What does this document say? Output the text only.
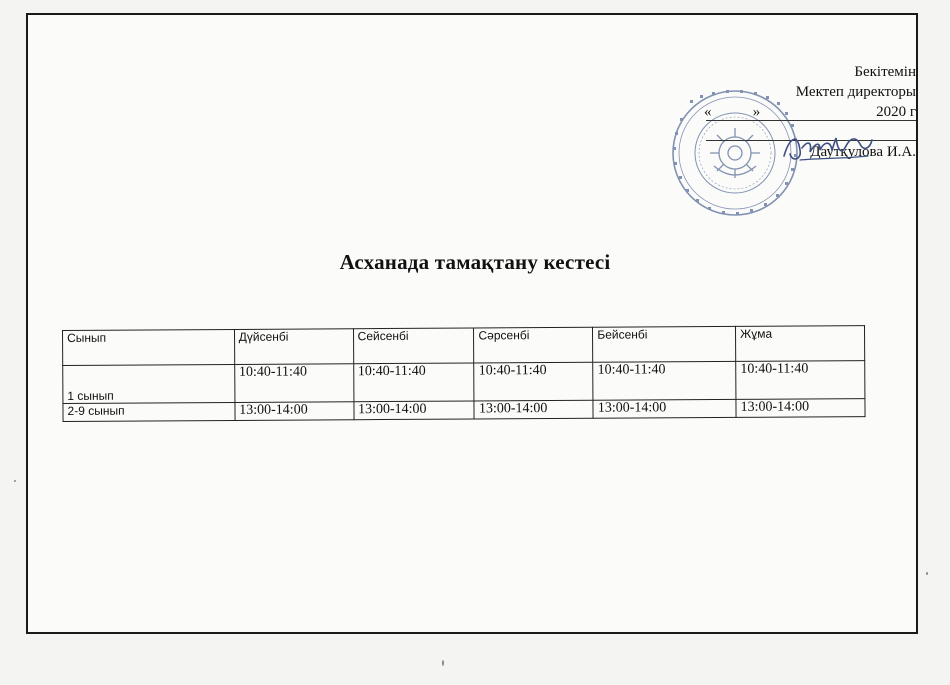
Бекітемін
Мектеп директоры
«	»	2020 г
Даутқулова И.А.
Асханада тамақтану кестесі
Сынып	Дүйсенбі	Сейсенбі	Сәрсенбі	Бейсенбі	Жұма
1 сынып	10:40-11:40	10:40-11:40	10:40-11:40	10:40-11:40	10:40-11:40
2-9 сынып	13:00-14:00	13:00-14:00	13:00-14:00	13:00-14:00	13:00-14:00
